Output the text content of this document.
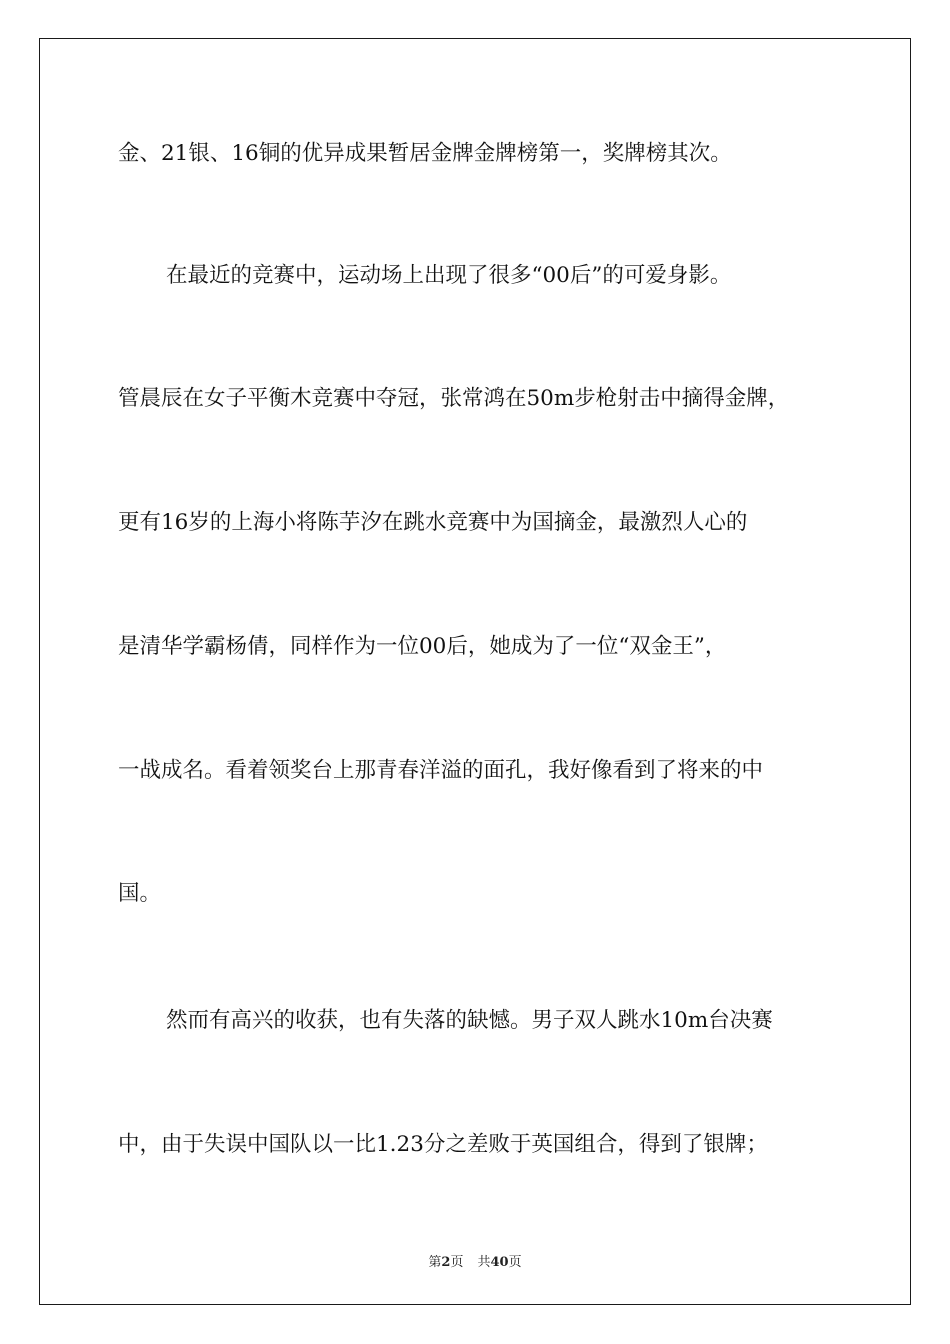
金、21银、16铜的优异成果暂居金牌金牌榜第一，奖牌榜其次。
在最近的竞赛中，运动场上出现了很多“00后”的可爱身影。
管晨辰在女子平衡木竞赛中夺冠，张常鸿在50m步枪射击中摘得金牌，
更有16岁的上海小将陈芋汐在跳水竞赛中为国摘金，最激烈人心的
是清华学霸杨倩，同样作为一位00后，她成为了一位“双金王”，
一战成名。看着领奖台上那青春洋溢的面孔，我好像看到了将来的中
国。
然而有高兴的收获，也有失落的缺憾。男子双人跳水10m台决赛
中，由于失误中国队以一比1.23分之差败于英国组合，得到了银牌；
第2页 共40页
